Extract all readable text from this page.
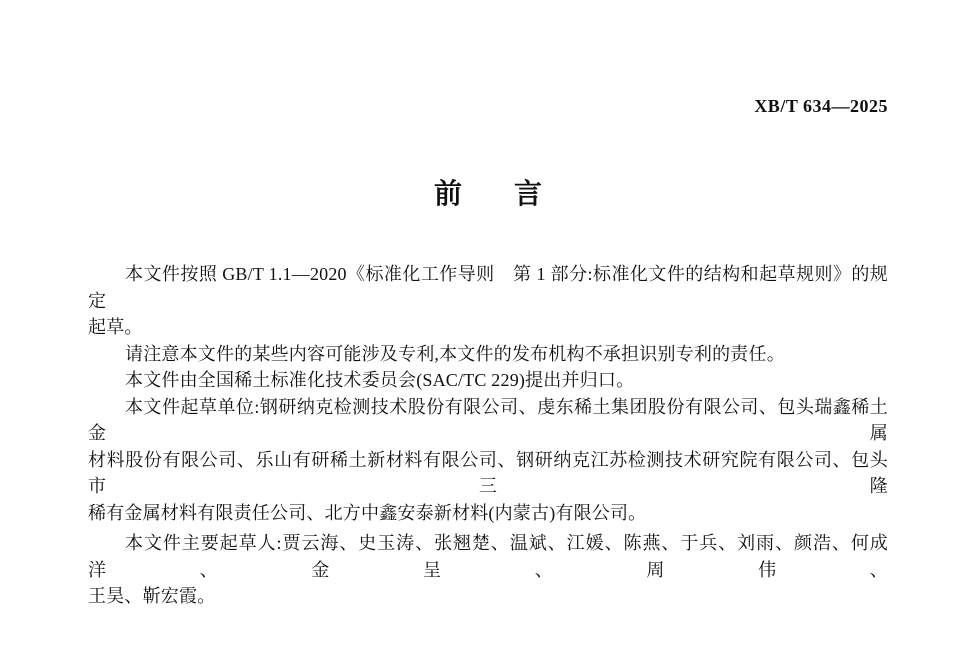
XB/T 634—2025
前 言
本文件按照 GB/T 1.1—2020《标准化工作导则　第 1 部分:标准化文件的结构和起草规则》的规定
起草。
请注意本文件的某些内容可能涉及专利,本文件的发布机构不承担识别专利的责任。
本文件由全国稀土标准化技术委员会(SAC/TC 229)提出并归口。
本文件起草单位:钢研纳克检测技术股份有限公司、虔东稀土集团股份有限公司、包头瑞鑫稀土金属
材料股份有限公司、乐山有研稀土新材料有限公司、钢研纳克江苏检测技术研究院有限公司、包头市三隆
稀有金属材料有限责任公司、北方中鑫安泰新材料(内蒙古)有限公司。
本文件主要起草人:贾云海、史玉涛、张翘楚、温斌、江媛、陈燕、于兵、刘雨、颜浩、何成洋、金呈、周伟、
王昊、靳宏霞。
